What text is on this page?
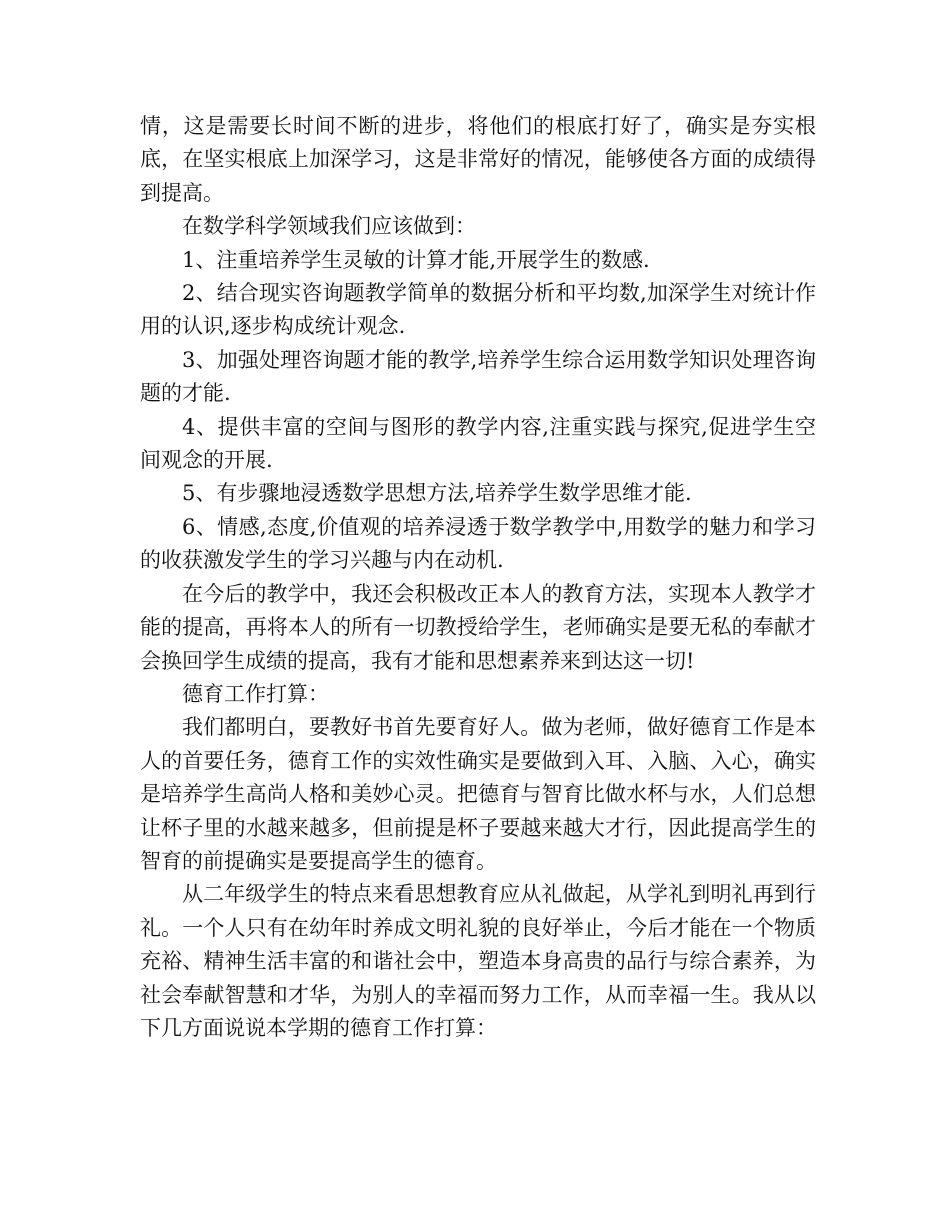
情，这是需要长时间不断的进步，将他们的根底打好了，确实是夯实根底，在坚实根底上加深学习，这是非常好的情况，能够使各方面的成绩得到提高。

在数学科学领域我们应该做到：

1、注重培养学生灵敏的计算才能,开展学生的数感.

2、结合现实咨询题教学简单的数据分析和平均数,加深学生对统计作用的认识,逐步构成统计观念.

3、加强处理咨询题才能的教学,培养学生综合运用数学知识处理咨询题的才能.

4、提供丰富的空间与图形的教学内容,注重实践与探究,促进学生空间观念的开展.

5、有步骤地浸透数学思想方法,培养学生数学思维才能.

6、情感,态度,价值观的培养浸透于数学教学中,用数学的魅力和学习的收获激发学生的学习兴趣与内在动机.

在今后的教学中，我还会积极改正本人的教育方法，实现本人教学才能的提高，再将本人的所有一切教授给学生，老师确实是要无私的奉献才会换回学生成绩的提高，我有才能和思想素养来到达这一切!

德育工作打算：

我们都明白，要教好书首先要育好人。做为老师，做好德育工作是本人的首要任务，德育工作的实效性确实是要做到入耳、入脑、入心，确实是培养学生高尚人格和美妙心灵。把德育与智育比做水杯与水，人们总想让杯子里的水越来越多，但前提是杯子要越来越大才行，因此提高学生的智育的前提确实是要提高学生的德育。

从二年级学生的特点来看思想教育应从礼做起，从学礼到明礼再到行礼。一个人只有在幼年时养成文明礼貌的良好举止，今后才能在一个物质充裕、精神生活丰富的和谐社会中，塑造本身高贵的品行与综合素养，为社会奉献智慧和才华，为别人的幸福而努力工作，从而幸福一生。我从以下几方面说说本学期的德育工作打算：
